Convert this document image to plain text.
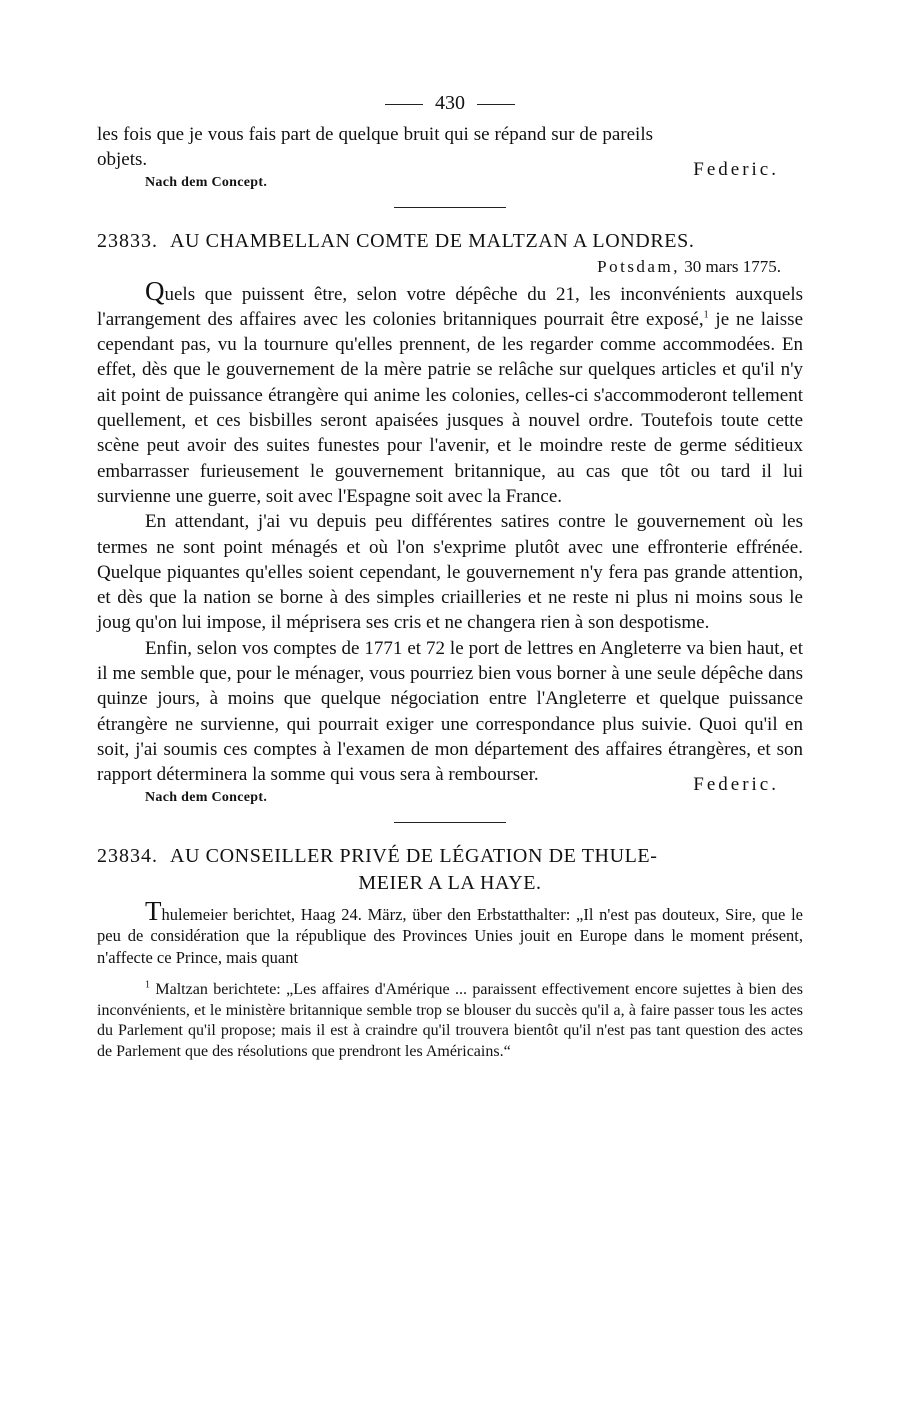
430

les fois que je vous fais part de quelque bruit qui se répand sur de pareils objets.

Nach dem Concept.
Federic.
23833. AU CHAMBELLAN COMTE DE MALTZAN A LONDRES.
Potsdam, 30 mars 1775.

Quels que puissent être, selon votre dépêche du 21, les inconvénients auxquels l'arrangement des affaires avec les colonies britanniques pourrait être exposé,$^1$ je ne laisse cependant pas, vu la tournure qu'elles prennent, de les regarder comme accommodées. En effet, dès que le gouvernement de la mère patrie se relâche sur quelques articles et qu'il n'y ait point de puissance étrangère qui anime les colonies, celles-ci s'accommoderont tellement quellement, et ces bisbilles seront apaisées jusques à nouvel ordre. Toutefois toute cette scène peut avoir des suites funestes pour l'avenir, et le moindre reste de germe séditieux embarrasser furieusement le gouvernement britannique, au cas que tôt ou tard il lui survienne une guerre, soit avec l'Espagne soit avec la France.

En attendant, j'ai vu depuis peu différentes satires contre le gouvernement où les termes ne sont point ménagés et où l'on s'exprime plutôt avec une effronterie effrénée. Quelque piquantes qu'elles soient cependant, le gouvernement n'y fera pas grande attention, et dès que la nation se borne à des simples criailleries et ne reste ni plus ni moins sous le joug qu'on lui impose, il méprisera ses cris et ne changera rien à son despotisme.

Enfin, selon vos comptes de 1771 et 72 le port de lettres en Angleterre va bien haut, et il me semble que, pour le ménager, vous pourriez bien vous borner à une seule dépêche dans quinze jours, à moins que quelque négociation entre l'Angleterre et quelque puissance étrangère ne survienne, qui pourrait exiger une correspondance plus suivie. Quoi qu'il en soit, j'ai soumis ces comptes à l'examen de mon département des affaires étrangères, et son rapport déterminera la somme qui vous sera à rembourser.

Nach dem Concept.
Federic.
23834. AU CONSEILLER PRIVÉ DE LÉGATION DE THULE-
MEIER A LA HAYE.

Thulemeier berichtet, Haag 24. März, über den Erbstatthalter: „Il n'est pas douteux, Sire, que le peu de considération que la république des Provinces Unies jouit en Europe dans le moment présent, n'affecte ce Prince, mais quant

$^1$ Maltzan berichtete: „Les affaires d'Amérique ... paraissent effectivement encore sujettes à bien des inconvénients, et le ministère britannique semble trop se blouser du succès qu'il a, à faire passer tous les actes du Parlement qu'il propose; mais il est à craindre qu'il trouvera bientôt qu'il n'est pas tant question des actes de Parlement que des résolutions que prendront les Américains.“
